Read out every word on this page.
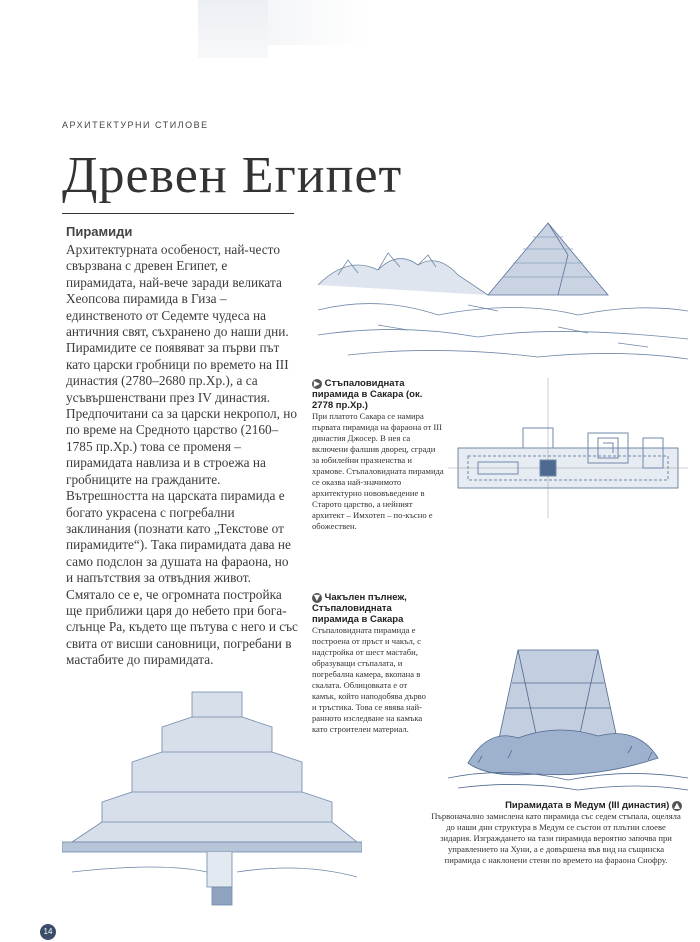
АРХИТЕКТУРНИ СТИЛОВЕ
Древен Египет
Пирамиди

Архитектурната особеност, най-често свързвана с древен Египет, е пирамидата, най-вече заради великата Хеопсова пирамида в Гиза – единственото от Седемте чудеса на античния свят, съхранено до наши дни. Пирамидите се появяват за първи път като царски гробници по времето на III династия (2780–2680 пр.Хр.), а са усъвършенствани през IV династия. Предпочитани са за царски некропол, но по време на Средното царство (2160–1785 пр.Хр.) това се променя – пирамидата навлиза и в строежа на гробниците на гражданите.

Вътрешността на царската пирамида е богато украсена с погребални заклинания (познати като „Текстове от пирамидите“). Така пирамидата дава не само подслон за душата на фараона, но и напътствия за отвъдния живот.

Смятало се е, че огромната постройка ще приближи царя до небето при бога-слънце Ра, където ще пътува с него и със свита от висши сановници, погребани в мастабите до пирамидата.

▶ Стъпаловидната пирамида в Сакара (ок. 2778 пр.Хр.)
При платото Сакара се намира първата пирамида на фараона от III династия Джосер. В нея са включени фалшив дворец, сгради за юбилейни празненства и храмове. Стъпаловидната пирамида се оказва най-значимото архитектурно нововъведение в Старото царство, а нейният архитект – Имхотеп – по-късно е обожествен.
▼ Чакълен пълнеж, Стъпаловидната пирамида в Сакара
Стъпаловидната пирамида е построена от пръст и чакъл, с надстройка от шест мастаби, образуващи стъпалата, и погребална камера, вкопана в скалата. Облицовката е от камък, който наподобява дърво и тръстика. Това се явява най-ранното изследване на камъка като строителен материал.
Пирамидата в Медум (III династия) ▲
Първоначално замислена като пирамида със седем стъпала, оцеляла до наши дни структура в Медум се състои от плътни слоеве зидария. Изграждането на тази пирамида вероятно започва при управлението на Хуни, а е довършена във вид на същинска пирамида с наклонени стени по времето на фараона Снофру.
14
